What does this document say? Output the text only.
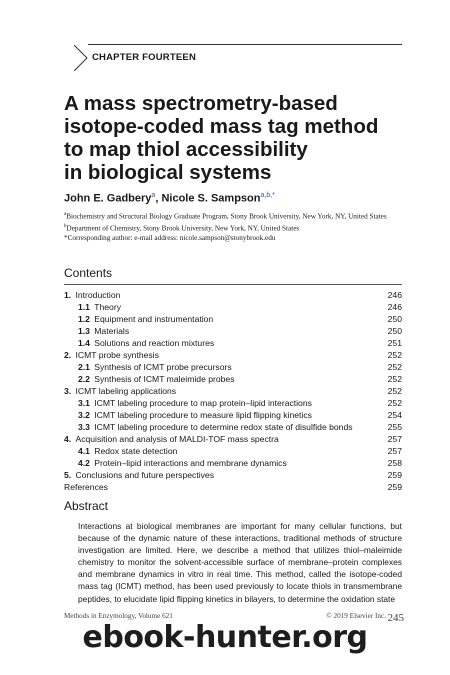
CHAPTER FOURTEEN
A mass spectrometry-based
isotope-coded mass tag method
to map thiol accessibility
in biological systems
John E. Gadbery$^a$, Nicole S. Sampson$^{a,b,*}$
$^a$Biochemistry and Structural Biology Graduate Program, Stony Brook University, New York, NY, United States
$^b$Department of Chemistry, Stony Brook University, New York, NY, United States
*Corresponding author: e-mail address: nicole.sampson@stonybrook.edu
Contents
1.  Introduction	246
1.1  Theory	246
1.2  Equipment and instrumentation	250
1.3  Materials	250
1.4  Solutions and reaction mixtures	251
2.  ICMT probe synthesis	252
2.1  Synthesis of ICMT probe precursors	252
2.2  Synthesis of ICMT maleimide probes	252
3.  ICMT labeling applications	252
3.1  ICMT labeling procedure to map protein–lipid interactions	252
3.2  ICMT labeling procedure to measure lipid flipping kinetics	254
3.3  ICMT labeling procedure to determine redox state of disulfide bonds	255
4.  Acquisition and analysis of MALDI-TOF mass spectra	257
4.1  Redox state detection	257
4.2  Protein–lipid interactions and membrane dynamics	258
5.  Conclusions and future perspectives	259
References	259
Abstract

Interactions at biological membranes are important for many cellular functions, but because of the dynamic nature of these interactions, traditional methods of structure investigation are limited. Here, we describe a method that utilizes thiol–maleimide chemistry to monitor the solvent-accessible surface of membrane–protein complexes and membrane dynamics in vitro in real time. This method, called the isotope-coded mass tag (ICMT) method, has been used previously to locate thiols in transmembrane peptides, to elucidate lipid flipping kinetics in bilayers, to determine the oxidation state

Methods in Enzymology, Volume 621	© 2019 Elsevier Inc. 245
ebook-hunter.org
